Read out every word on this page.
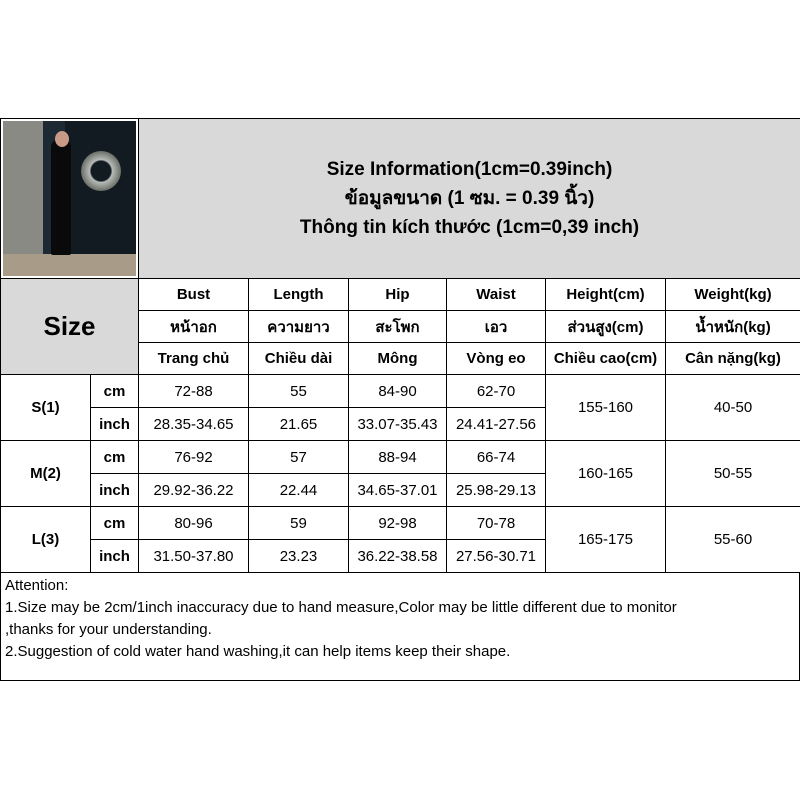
		Size Information(1cm=0.39inch)
ข้อมูลขนาด (1 ซม. = 0.39 นิ้ว)
Thông tin kích thước (1cm=0,39 inch)					

Size		Bust	Length	Hip	Waist	Height(cm)	Weight(kg)
		หน้าอก	ความยาว	สะโพก	เอว	ส่วนสูง(cm)	น้ำหนัก(kg)
		Trang chủ	Chiều dài	Mông	Vòng eo	Chiều cao(cm)	Cân nặng(kg)
S(1)	cm	72-88	55	84-90	62-70	155-160	40-50
	inch	28.35-34.65	21.65	33.07-35.43	24.41-27.56		
M(2)	cm	76-92	57	88-94	66-74	160-165	50-55
	inch	29.92-36.22	22.44	34.65-37.01	25.98-29.13		
L(3)	cm	80-96	59	92-98	70-78	165-175	55-60
	inch	31.50-37.80	23.23	36.22-38.58	27.56-30.71		
Attention:
1.Size may be 2cm/1inch inaccuracy due to hand measure,Color may be little different due to monitor
,thanks for your understanding.
2.Suggestion of cold water hand washing,it can help items keep their shape.
